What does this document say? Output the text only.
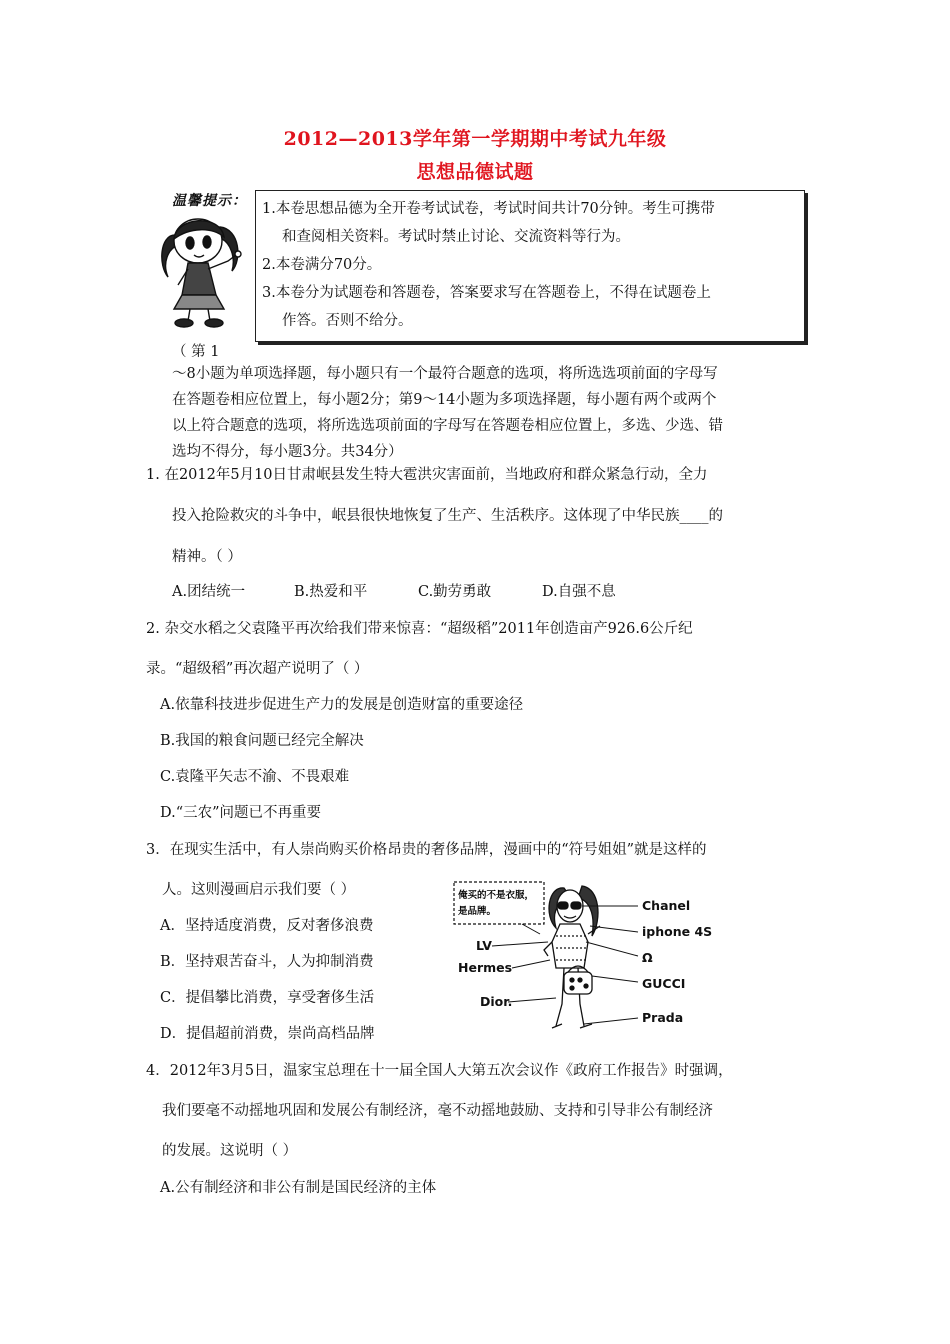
2012—2013学年第一学期期中考试九年级
思想品德试题
温馨提示： 1.本卷思想品德为全开卷考试试卷，考试时间共计70分钟。考生可携带
和查阅相关资料。考试时禁止讨论、交流资料等行为。
2.本卷满分70分。
3.本卷分为试题卷和答题卷，答案要求写在答题卷上，不得在试题卷上
作答。否则不给分。
（ 第 1
～8小题为单项选择题，每小题只有一个最符合题意的选项，将所选选项前面的字母写
在答题卷相应位置上，每小题2分；第9～14小题为多项选择题，每小题有两个或两个
以上符合题意的选项，将所选选项前面的字母写在答题卷相应位置上，多选、少选、错
选均不得分，每小题3分。共34分）
1. 在2012年5月10日甘肃岷县发生特大雹洪灾害面前，当地政府和群众紧急行动，全力
投入抢险救灾的斗争中，岷县很快地恢复了生产、生活秩序。这体现了中华民族____的
精神。（ ）
A.团结统一	B.热爱和平	C.勤劳勇敢	D.自强不息
2. 杂交水稻之父袁隆平再次给我们带来惊喜：“超级稻”2011年创造亩产926.6公斤纪
录。“超级稻”再次超产说明了（ ）
A.依靠科技进步促进生产力的发展是创造财富的重要途径
B.我国的粮食问题已经完全解决
C.袁隆平矢志不渝、不畏艰难
D.“三农”问题已不再重要
3．在现实生活中，有人崇尚购买价格昂贵的奢侈品牌，漫画中的“符号姐姐”就是这样的
人。这则漫画启示我们要（ ）
A．坚持适度消费，反对奢侈浪费
B．坚持艰苦奋斗，人为抑制消费
C．提倡攀比消费，享受奢侈生活
D．提倡超前消费，崇尚高档品牌
俺买的不是衣服，
是品牌。	Chanel
iphone 4S
Ω
GUCCI
Prada
LV
Hermes
Dior.
4．2012年3月5日，温家宝总理在十一届全国人大第五次会议作《政府工作报告》时强调，
我们要毫不动摇地巩固和发展公有制经济，毫不动摇地鼓励、支持和引导非公有制经济
的发展。这说明（ ）
A.公有制经济和非公有制是国民经济的主体
